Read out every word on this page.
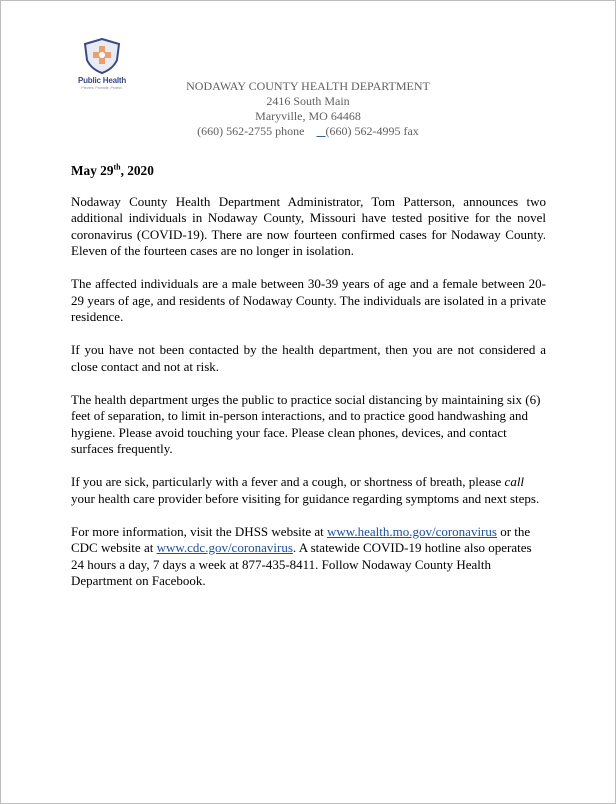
Public Health
Prevent. Promote. Protect.	NODAWAY COUNTY HEALTH DEPARTMENT
2416 South Main
Maryville, MO 64468
(660) 562-2755 phone (660) 562-4995 fax
May 29th, 2020

Nodaway County Health Department Administrator, Tom Patterson, announces two additional individuals in Nodaway County, Missouri have tested positive for the novel coronavirus (COVID-19). There are now fourteen confirmed cases for Nodaway County. Eleven of the fourteen cases are no longer in isolation.

The affected individuals are a male between 30-39 years of age and a female between 20-29 years of age, and residents of Nodaway County. The individuals are isolated in a private residence.

If you have not been contacted by the health department, then you are not considered a close contact and not at risk.

The health department urges the public to practice social distancing by maintaining six (6) feet of separation, to limit in-person interactions, and to practice good handwashing and hygiene. Please avoid touching your face. Please clean phones, devices, and contact surfaces frequently.

If you are sick, particularly with a fever and a cough, or shortness of breath, please call your health care provider before visiting for guidance regarding symptoms and next steps.

For more information, visit the DHSS website at www.health.mo.gov/coronavirus or the CDC website at www.cdc.gov/coronavirus. A statewide COVID-19 hotline also operates 24 hours a day, 7 days a week at 877-435-8411. Follow Nodaway County Health Department on Facebook.
